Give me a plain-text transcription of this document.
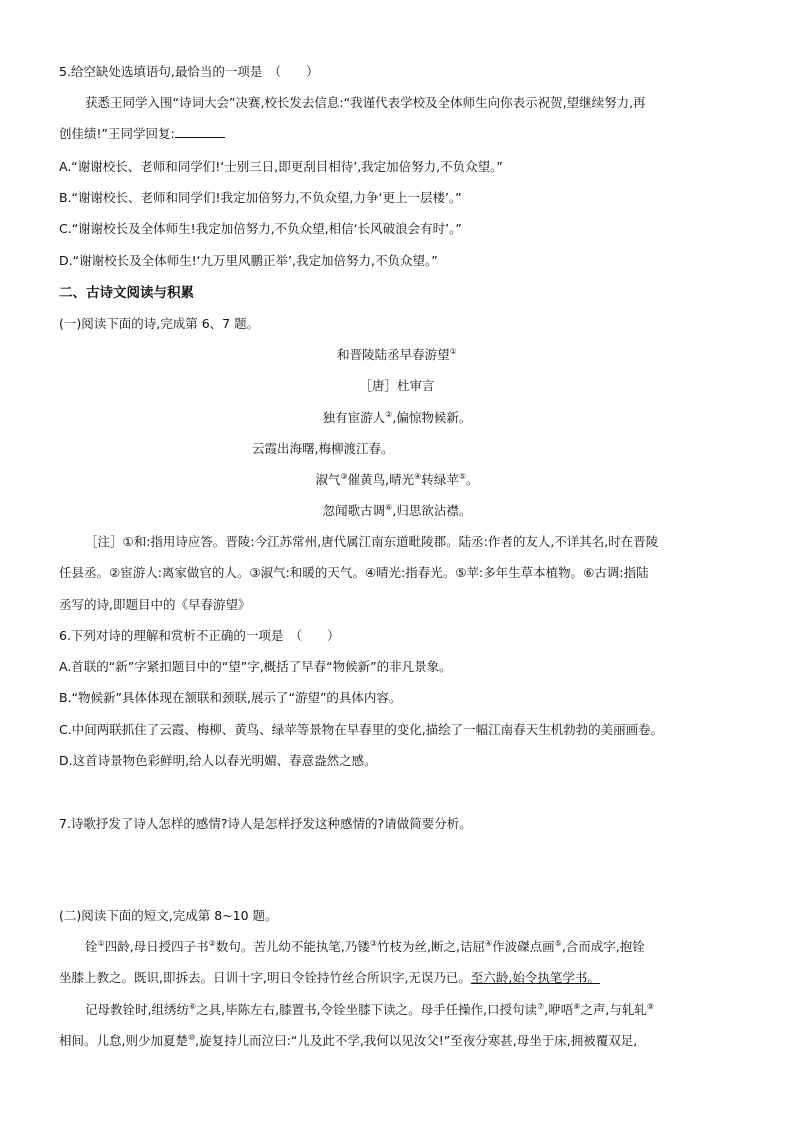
5.给空缺处选填语句,最恰当的一项是　（　　）
获悉王同学入围“诗词大会”决赛,校长发去信息:“我谨代表学校及全体师生向你表示祝贺,望继续努力,再
创佳绩!”王同学回复:
A.“谢谢校长、老师和同学们!‘士别三日,即更刮目相待’,我定加倍努力,不负众望。”
B.“谢谢校长、老师和同学们!我定加倍努力,不负众望,力争‘更上一层楼’。”
C.“谢谢校长及全体师生!我定加倍努力,不负众望,相信‘长风破浪会有时’。”
D.“谢谢校长及全体师生!‘九万里风鹏正举’,我定加倍努力,不负众望。”
二、古诗文阅读与积累
(一)阅读下面的诗,完成第 6、7 题。
和晋陵陆丞早春游望①
［唐］杜审言
独有宦游人②,偏惊物候新。
云霞出海曙,梅柳渡江春。
淑气③催黄鸟,晴光④转绿苹⑤。
忽闻歌古调⑥,归思欲沾襟。
［注］①和:指用诗应答。晋陵:今江苏常州,唐代属江南东道毗陵郡。陆丞:作者的友人,不详其名,时在晋陵
任县丞。②宦游人:离家做官的人。③淑气:和暖的天气。④晴光:指春光。⑤苹:多年生草本植物。⑥古调:指陆
丞写的诗,即题目中的《早春游望》
6.下列对诗的理解和赏析不正确的一项是　（　　）
A.首联的“新”字紧扣题目中的“望”字,概括了早春“物候新”的非凡景象。
B.“物候新”具体体现在颔联和颈联,展示了“游望”的具体内容。
C.中间两联抓住了云霞、梅柳、黄鸟、绿苹等景物在早春里的变化,描绘了一幅江南春天生机勃勃的美丽画卷。
D.这首诗景物色彩鲜明,给人以春光明媚、春意盎然之感。
7.诗歌抒发了诗人怎样的感情?诗人是怎样抒发这种感情的?请做简要分析。
(二)阅读下面的短文,完成第 8~10 题。
铨①四龄,母日授四子书②数句。苦儿幼不能执笔,乃镂③竹枝为丝,断之,诘屈④作波磔点画⑤,合而成字,抱铨
坐膝上教之。既识,即拆去。日训十字,明日令铨持竹丝合所识字,无误乃已。至六龄,始令执笔学书。
记母教铨时,组绣纺⑥之具,毕陈左右,膝置书,令铨坐膝下读之。母手任操作,口授句读⑦,咿唔⑧之声,与轧轧⑨
相间。儿怠,则少加夏楚⑩,旋复持儿而泣曰:“儿及此不学,我何以见汝父!”至夜分寒甚,母坐于床,拥被覆双足,
